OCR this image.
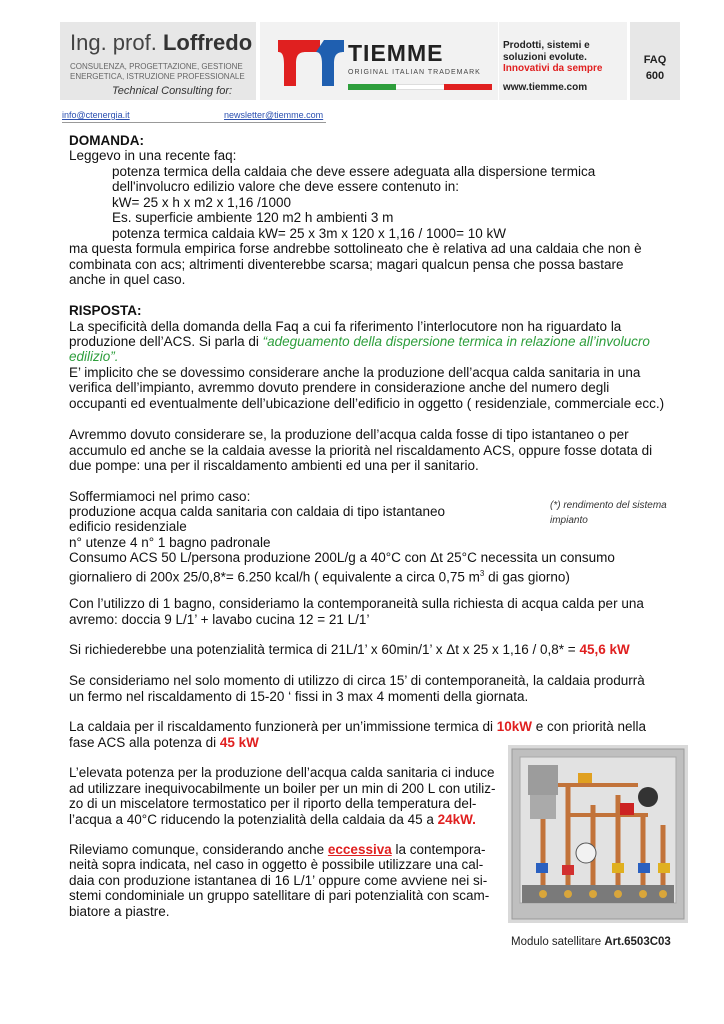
Ing. prof. Loffredo
CONSULENZA, PROGETTAZIONE, GESTIONE
ENERGETICA, ISTRUZIONE PROFESSIONALE
Technical Consulting for:
TIEMME
ORIGINAL ITALIAN TRADEMARK
Prodotti, sistemi e
soluzioni evolute.
Innovativi da sempre
www.tiemme.com
FAQ
600
info@ctenergia.it	newsletter@tiemme.com
DOMANDA:
Leggevo in una recente faq:
potenza termica della caldaia che deve essere adeguata alla dispersione termica
dell'involucro edilizio valore che deve essere contenuto in:
kW= 25 x h x m2 x 1,16 /1000
Es. superficie ambiente 120 m2 h ambienti 3 m
potenza termica caldaia kW= 25 x 3m x 120 x 1,16 / 1000= 10 kW
ma questa formula empirica forse andrebbe sottolineato che è relativa ad una caldaia che non è
combinata con acs; altrimenti diventerebbe scarsa; magari qualcun pensa che possa bastare
anche in quel caso.
RISPOSTA:
La specificità della domanda della Faq a cui fa riferimento l’interlocutore non ha riguardato la
produzione dell’ACS. Si parla di “adeguamento della dispersione termica in relazione all’involucro
edilizio”.
E’ implicito che se dovessimo considerare anche la produzione dell’acqua calda sanitaria in una
verifica dell’impianto, avremmo dovuto prendere in considerazione anche del numero degli
occupanti ed eventualmente dell’ubicazione dell’edificio in oggetto ( residenziale, commerciale ecc.)
Avremmo dovuto considerare se, la produzione dell’acqua calda fosse di tipo istantaneo o per
accumulo ed anche se la caldaia avesse la priorità nel riscaldamento ACS, oppure fosse dotata di
due pompe: una per il riscaldamento ambienti ed una per il sanitario.
Soffermiamoci nel primo caso:
produzione acqua calda sanitaria con caldaia di tipo istantaneo
edificio residenziale
n° utenze 4 n° 1 bagno padronale
Consumo ACS 50 L/persona produzione 200L/g a 40°C con Δt 25°C necessita un consumo
giornaliero di 200x 25/0,8*= 6.250 kcal/h ( equivalente a circa 0,75 $m^3$ di gas giorno)
(*) rendimento del sistema
impianto
Con l’utilizzo di 1 bagno, consideriamo la contemporaneità sulla richiesta di acqua calda per una
avremo: doccia 9 L/1’ + lavabo cucina 12 = 21 L/1’
Si richiederebbe una potenzialità termica di 21L/1’ x 60min/1’ x Δt x 25 x 1,16 / 0,8* = 45,6 kW
Se consideriamo nel solo momento di utilizzo di circa 15’ di contemporaneità, la caldaia produrrà
un fermo nel riscaldamento di 15-20 ‘ fissi in 3 max 4 momenti della giornata.
La caldaia per il riscaldamento funzionerà per un’immissione termica di 10kW e con priorità nella
fase ACS alla potenza di 45 kW
L’elevata potenza per la produzione dell’acqua calda sanitaria ci induce
ad utilizzare inequivocabilmente un boiler per un min di 200 L con utiliz-
zo di un miscelatore termostatico per il riporto della temperatura del-
l’acqua a 40°C riducendo la potenzialità della caldaia da 45 a 24kW.
Rileviamo comunque, considerando anche eccessiva la contempora-
neità sopra indicata, nel caso in oggetto è possibile utilizzare una cal-
daia con produzione istantanea di 16 L/1’ oppure come avviene nei si-
stemi condominiale un gruppo satellitare di pari potenzialità con scam-
biatore a piastre.
Modulo satellitare Art.6503C03
